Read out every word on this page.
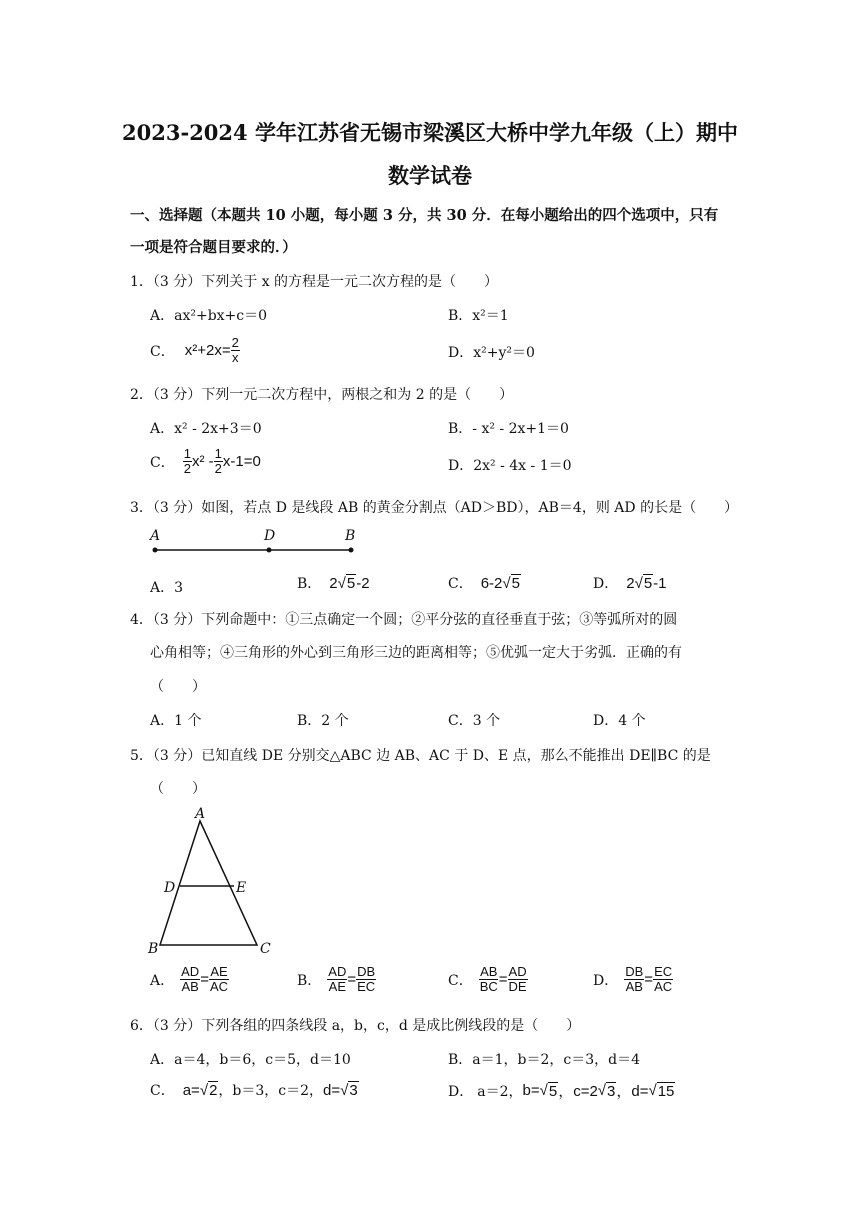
2023-2024 学年江苏省无锡市梁溪区大桥中学九年级（上）期中
数学试卷
一、选择题（本题共 10 小题，每小题 3 分，共 30 分．在每小题给出的四个选项中，只有
一项是符合题目要求的．）
1．（3 分）下列关于 x 的方程是一元二次方程的是（　　）
A．ax²+bx+c＝0	B．x²＝1
C． $x^2+2x= \frac{2}{x}$	D．x²+y²＝0
2．（3 分）下列一元二次方程中，两根之和为 2 的是（　　）
A．x² - 2x+3＝0	B．- x² - 2x+1＝0
C． $\frac{1}{2} x^2 - \frac{1}{2} x-1=0$	D．2x² - 4x - 1＝0
3．（3 分）如图，若点 D 是线段 AB 的黄金分割点（AD＞BD），AB＝4，则 AD 的长是（　　）
A	D	B
A．3	B． 2 √ 5 -2	C． 6-2 √ 5	D． 2 √ 5 -1
4．（3 分）下列命题中：①三点确定一个圆；②平分弦的直径垂直于弦；③等弧所对的圆
心角相等；④三角形的外心到三角形三边的距离相等；⑤优弧一定大于劣弧．正确的有
（　　）
A．1 个	B．2 个	C．3 个	D．4 个
5．（3 分）已知直线 DE 分别交△ABC 边 AB、AC 于 D、E 点，那么不能推出 DE∥BC 的是
（　　）
A
D	E
B	C
A． $\frac{AD}{AB} = \frac{AE}{AC}$	B． $\frac{AD}{AE} = \frac{DB}{EC}$	C． $\frac{AB}{BC} = \frac{AD}{DE}$	D． $\frac{DB}{AB} = \frac{EC}{AC}$
6．（3 分）下列各组的四条线段 a，b，c，d 是成比例线段的是（　　）
A．a＝4，b＝6，c＝5，d＝10	B．a＝1，b＝2，c＝3，d＝4
C． a= √ 2 ，b＝3，c＝2， d= √ 3	D． a＝2， b= √ 5 ，c=2 √ 3 ，d= √ 15
